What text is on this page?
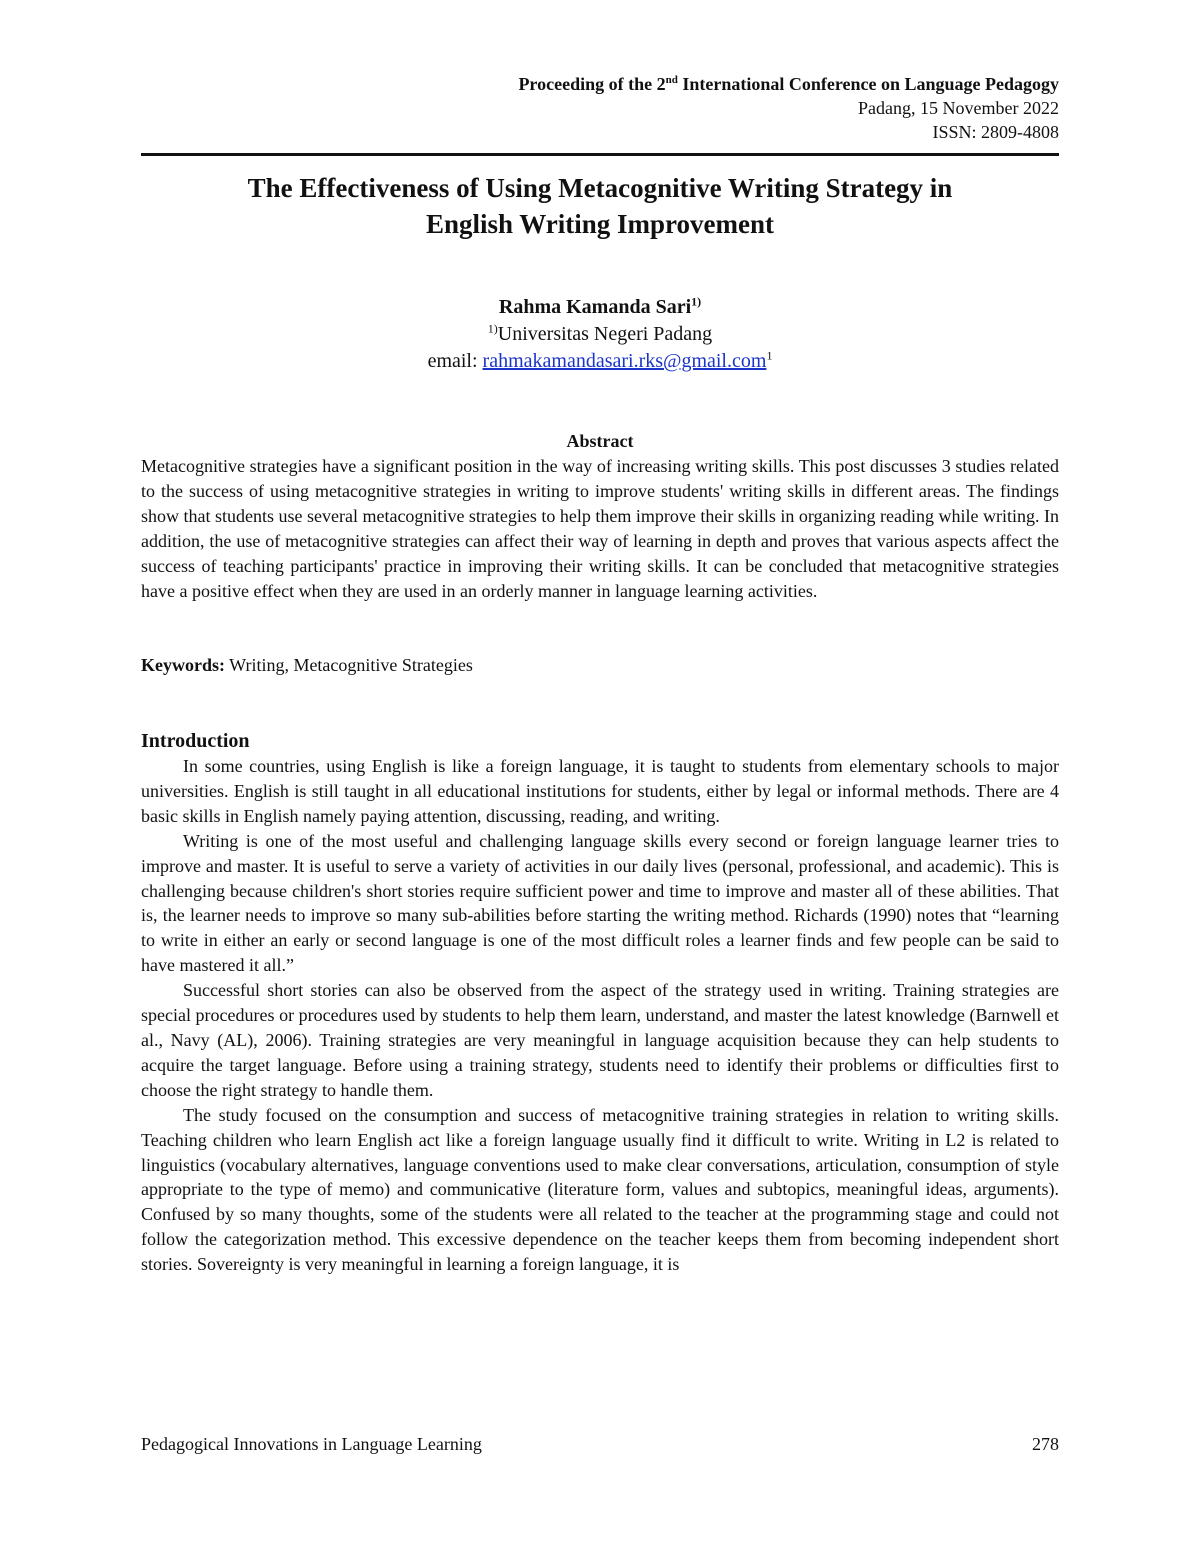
Proceeding of the 2nd International Conference on Language Pedagogy
Padang, 15 November 2022
ISSN: 2809-4808
The Effectiveness of Using Metacognitive Writing Strategy in
English Writing Improvement
Rahma Kamanda Sari$^{1)}$
$^{1)}$Universitas Negeri Padang
email: rahmakamandasari.rks@gmail.com$^1$
Abstract
Metacognitive strategies have a significant position in the way of increasing writing skills. This post discusses 3 studies related to the success of using metacognitive strategies in writing to improve students' writing skills in different areas. The findings show that students use several metacognitive strategies to help them improve their skills in organizing reading while writing. In addition, the use of metacognitive strategies can affect their way of learning in depth and proves that various aspects affect the success of teaching participants' practice in improving their writing skills. It can be concluded that metacognitive strategies have a positive effect when they are used in an orderly manner in language learning activities.
Keywords: Writing, Metacognitive Strategies
Introduction

In some countries, using English is like a foreign language, it is taught to students from elementary schools to major universities. English is still taught in all educational institutions for students, either by legal or informal methods. There are 4 basic skills in English namely paying attention, discussing, reading, and writing.

Writing is one of the most useful and challenging language skills every second or foreign language learner tries to improve and master. It is useful to serve a variety of activities in our daily lives (personal, professional, and academic). This is challenging because children's short stories require sufficient power and time to improve and master all of these abilities. That is, the learner needs to improve so many sub-abilities before starting the writing method. Richards (1990) notes that “learning to write in either an early or second language is one of the most difficult roles a learner finds and few people can be said to have mastered it all.”

Successful short stories can also be observed from the aspect of the strategy used in writing. Training strategies are special procedures or procedures used by students to help them learn, understand, and master the latest knowledge (Barnwell et al., Navy (AL), 2006). Training strategies are very meaningful in language acquisition because they can help students to acquire the target language. Before using a training strategy, students need to identify their problems or difficulties first to choose the right strategy to handle them.

The study focused on the consumption and success of metacognitive training strategies in relation to writing skills. Teaching children who learn English act like a foreign language usually find it difficult to write. Writing in L2 is related to linguistics (vocabulary alternatives, language conventions used to make clear conversations, articulation, consumption of style appropriate to the type of memo) and communicative (literature form, values and subtopics, meaningful ideas, arguments). Confused by so many thoughts, some of the students were all related to the teacher at the programming stage and could not follow the categorization method. This excessive dependence on the teacher keeps them from becoming independent short stories. Sovereignty is very meaningful in learning a foreign language, it is

Pedagogical Innovations in Language Learning	278
